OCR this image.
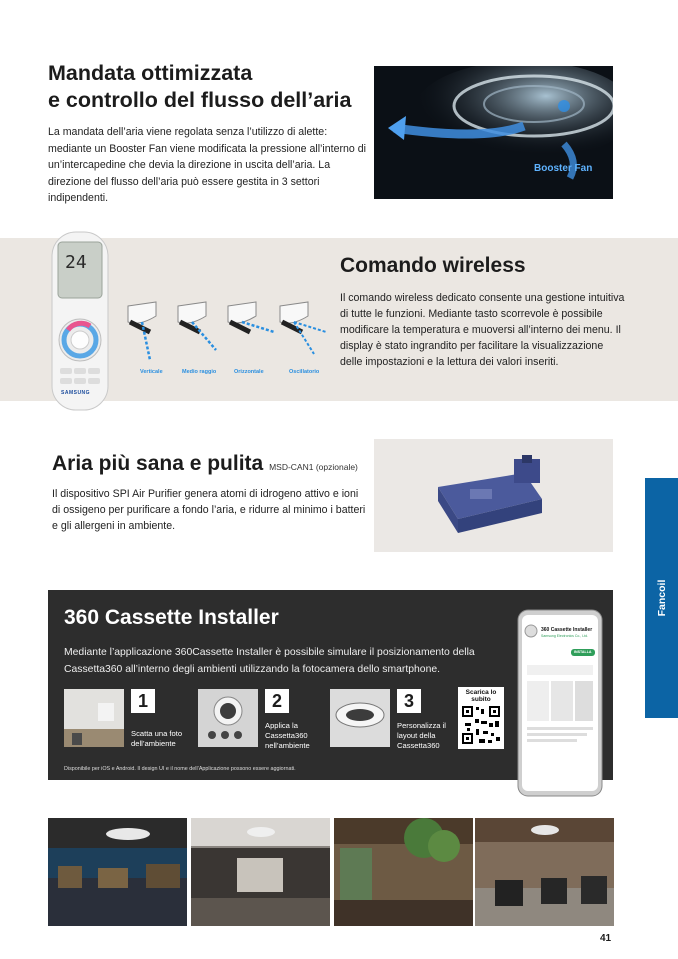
Mandata ottimizzata
e controllo del flusso dell’aria

La mandata dell’aria viene regolata senza l’utilizzo di alette: mediante un Booster Fan viene modificata la pressione all’interno di un’intercapedine che devia la direzione in uscita dell’aria. La direzione del flusso dell’aria può essere gestita in 3 settori indipendenti.

Booster Fan
24
SAMSUNG
Verticale	Medio raggio	Orizzontale	Oscillatorio
Comando wireless

Il comando wireless dedicato consente una gestione intuitiva di tutte le funzioni. Mediante tasto scorrevole è possibile modificare la temperatura e muoversi all’interno dei menu. Il display è stato ingrandito per facilitare la visualizzazione delle impostazioni e la lettura dei valori inseriti.

Aria più sana e pulita MSD-CAN1 (opzionale)

Il dispositivo SPI Air Purifier genera atomi di idrogeno attivo e ioni di ossigeno per purificare a fondo l’aria, e ridurre al minimo i batteri e gli allergeni in ambiente.

Fancoil
360 Cassette Installer

Mediante l’applicazione 360Cassette Installer è possibile simulare il posizionamento della Cassetta360 all’interno degli ambienti utilizzando la fotocamera dello smartphone.

1
Scatta una foto dell’ambiente
2
Applica la Cassetta360 nell’ambiente
3
Personalizza il layout della Cassetta360
Scarica lo subito
Disponibile per iOS e Android. Il design UI e il nome dell’Applicazione possono essere aggiornati.
360 Cassette Installer
Samsung Electronics Co., Ltd.
INSTALLA
41
